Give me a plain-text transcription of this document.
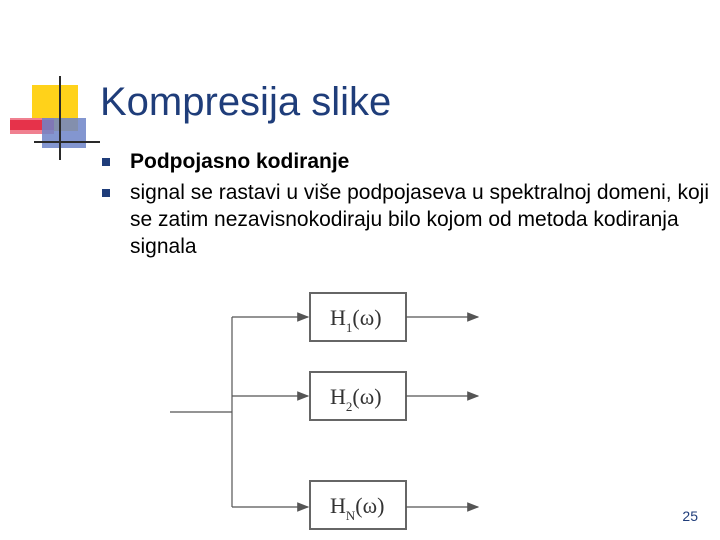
Kompresija slike
Podpojasno kodiranje
signal se rastavi u više podpojaseva u spektralnoj domeni, koji se zatim nezavisnokodiraju bilo kojom od metoda kodiranja signala
$H_1(\omega)$
$H_2(\omega)$
$H_N(\omega)$	25
